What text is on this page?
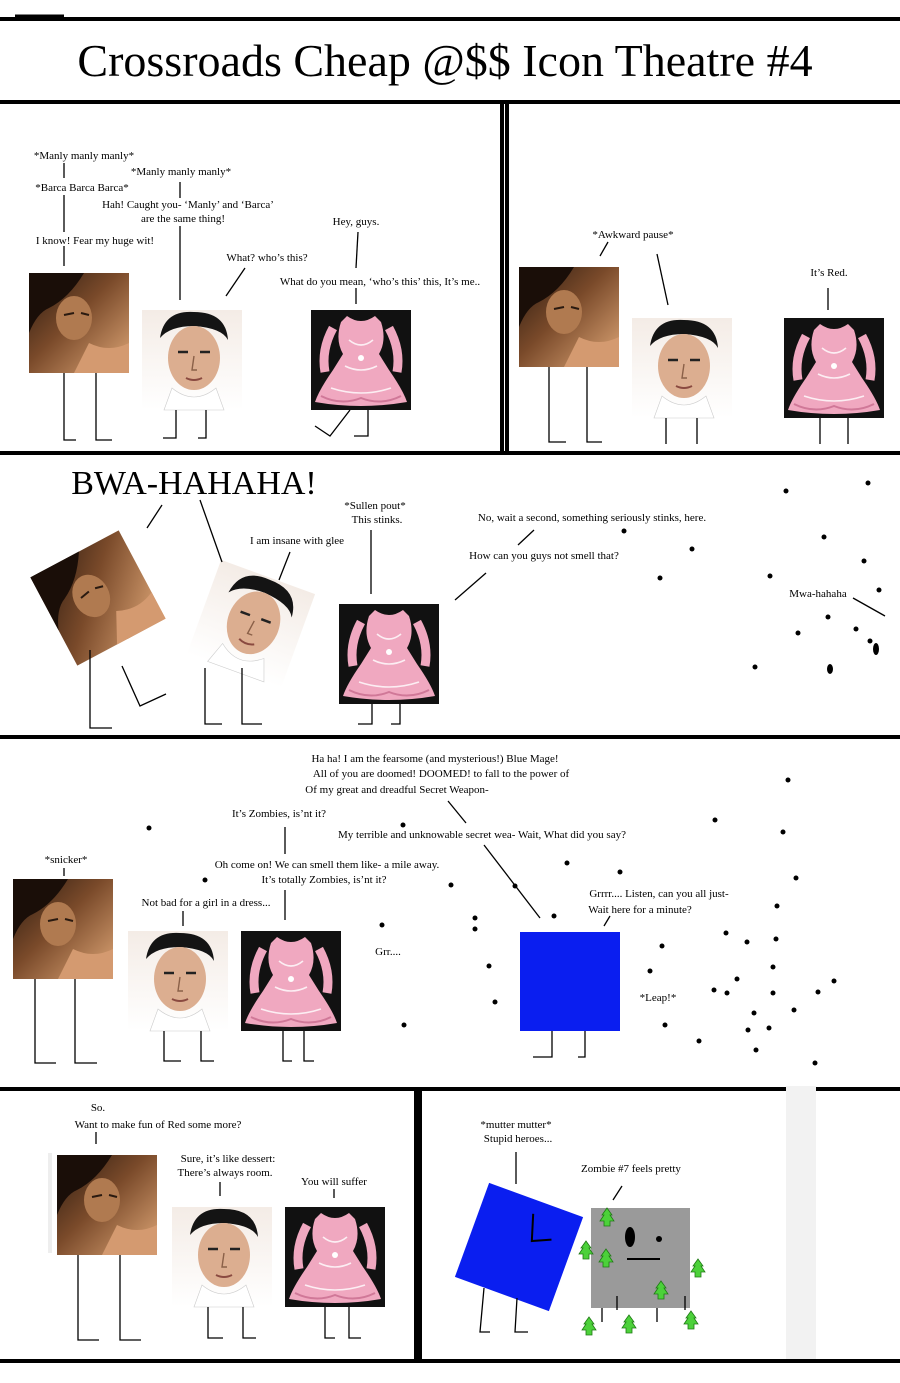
Crossroads Cheap @$$ Icon Theatre #4
*Manly manly manly*
*Manly manly manly*
*Barca Barca Barca*
Hah! Caught you- ‘Manly’ and ‘Barca’
are the same thing!	Hey, guys.
I know! Fear my huge wit!
What? who’s this?
What do you mean, ‘who’s this’ this, It’s me..
*Awkward pause*
It’s Red.
BWA-HAHAHA!
*Sullen pout*
This stinks.	No, wait a second, something seriously stinks, here.
I am insane with glee
How can you guys not smell that?
Mwa-hahaha
Ha ha! I am the fearsome (and mysterious!) Blue Mage!
All of you are doomed! DOOMED! to fall to the power of
Of my great and dreadful Secret Weapon-
It’s Zombies, is’nt it?
My terrible and unknowable secret wea- Wait, What did you say?
*snicker*	Oh come on! We can smell them like- a mile away.
It’s totally Zombies, is’nt it?
Grrrr.... Listen, can you all just-
Wait here for a minute?
Not bad for a girl in a dress...
Grr....
*Leap!*
So.
Want to make fun of Red some more?
Sure, it’s like dessert:
There’s always room.
You will suffer
*mutter mutter*
Stupid heroes...
Zombie #7 feels pretty
